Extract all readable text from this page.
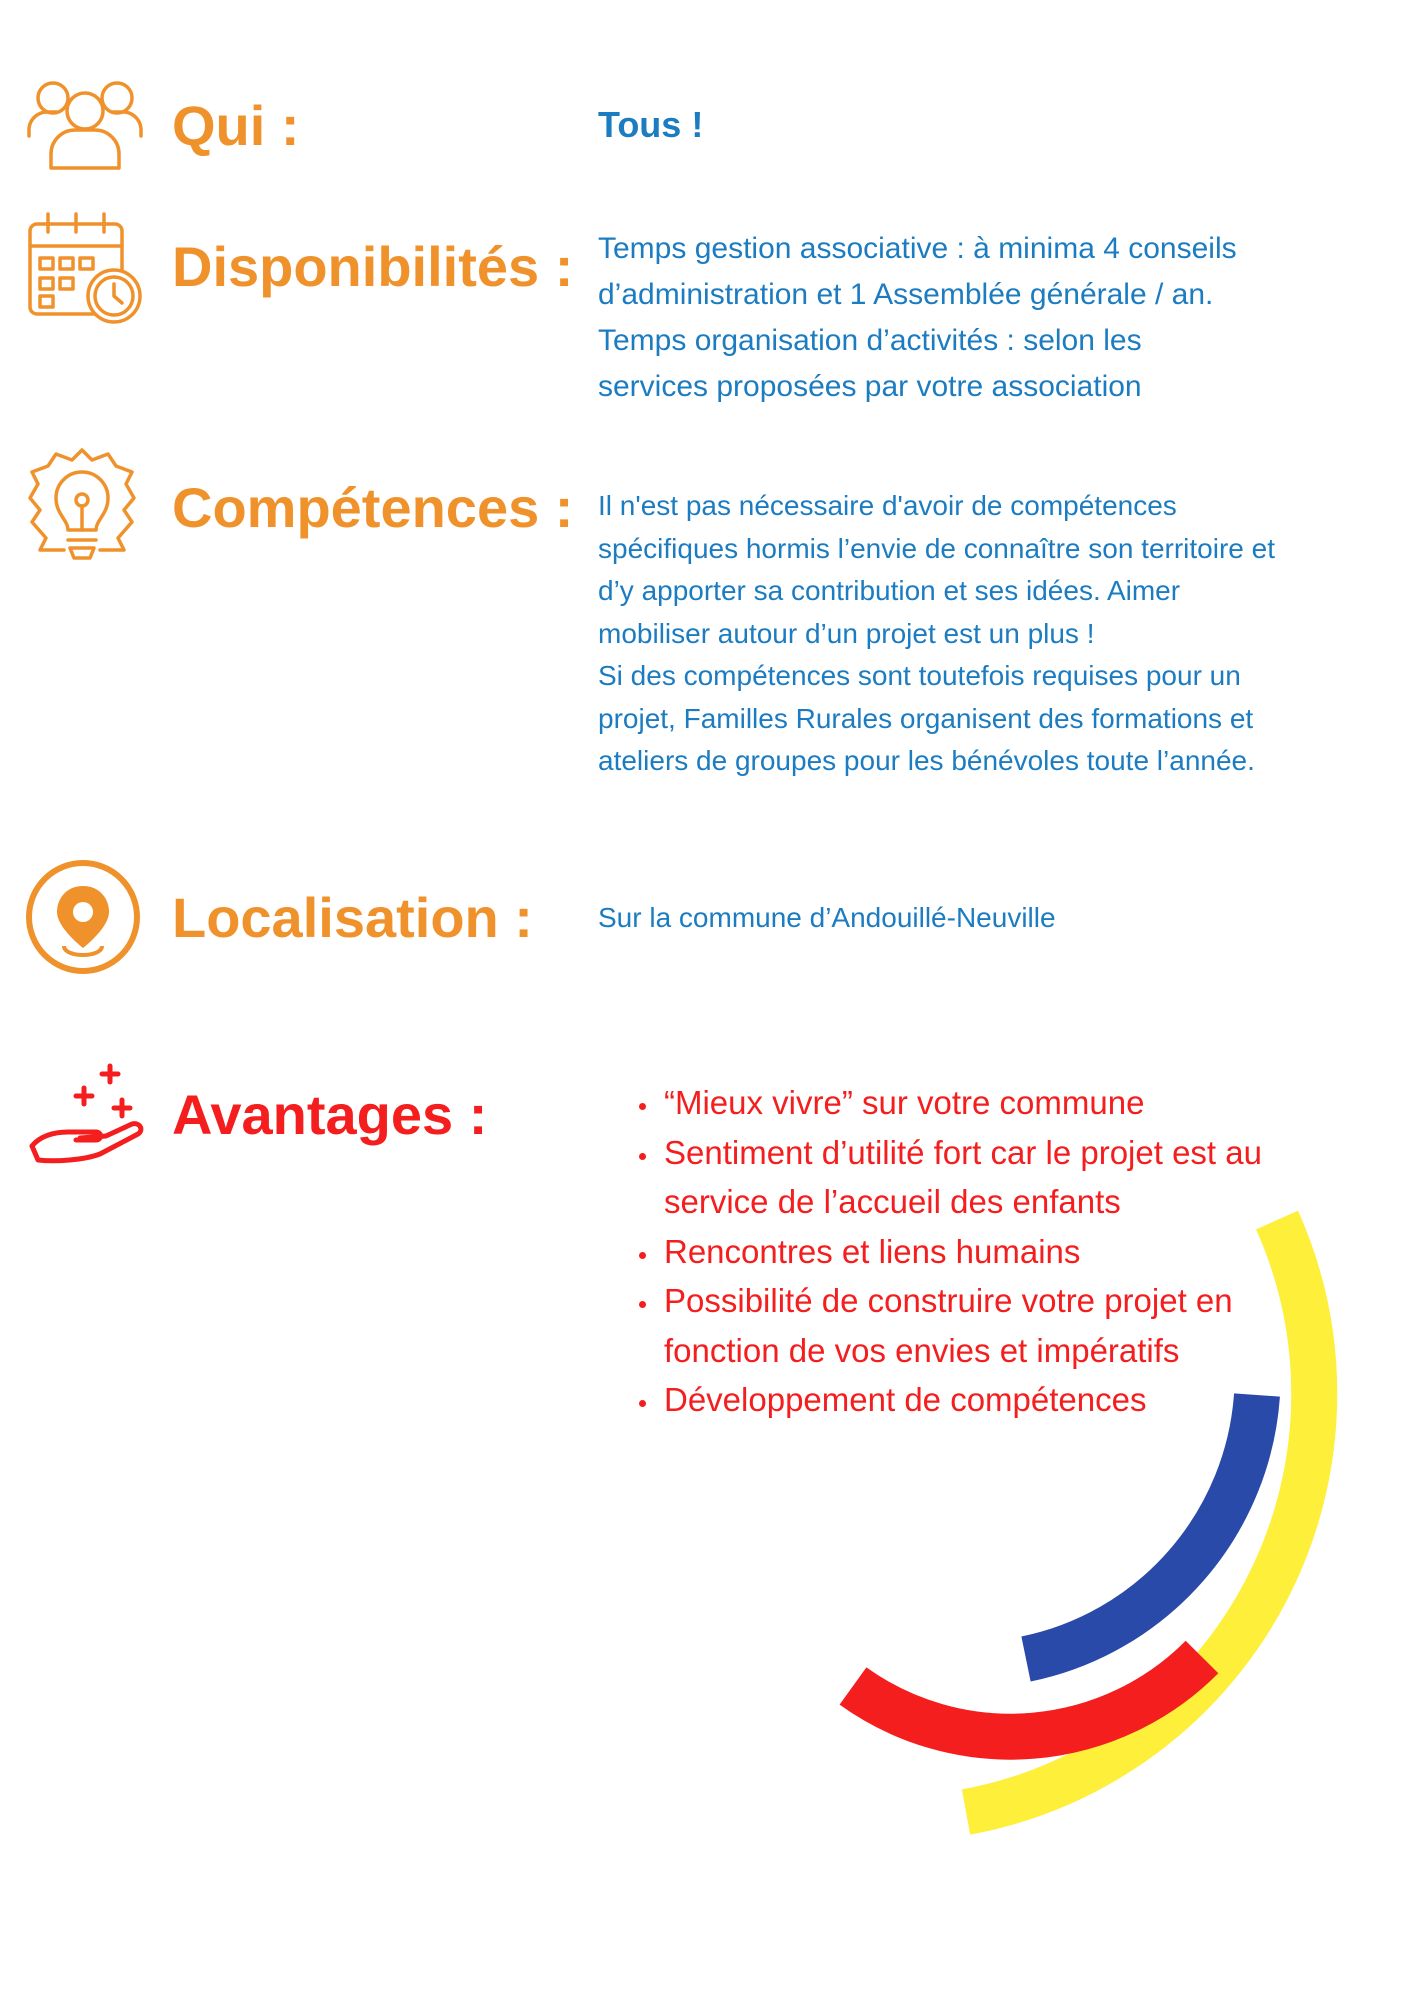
Qui :	Tous !
Disponibilités : Temps gestion associative : à minima 4 conseils d’administration et 1 Assemblée générale / an.

Temps organisation d’activités : selon les services proposées par votre association

Compétences : Il n'est pas nécessaire d'avoir de compétences spécifiques hormis l’envie de connaître son territoire et d’y apporter sa contribution et ses idées. Aimer mobiliser autour d’un projet est un plus !

Si des compétences sont toutefois requises pour un projet, Familles Rurales organisent des formations et ateliers de groupes pour les bénévoles toute l’année.

Localisation : Sur la commune d’Andouillé-Neuville
Avantages :
•	“Mieux vivre” sur votre commune
• Sentiment d’utilité fort car le projet est au service de l’accueil des enfants
• Rencontres et liens humains
• Possibilité de construire votre projet en fonction de vos envies et impératifs
• Développement de compétences
